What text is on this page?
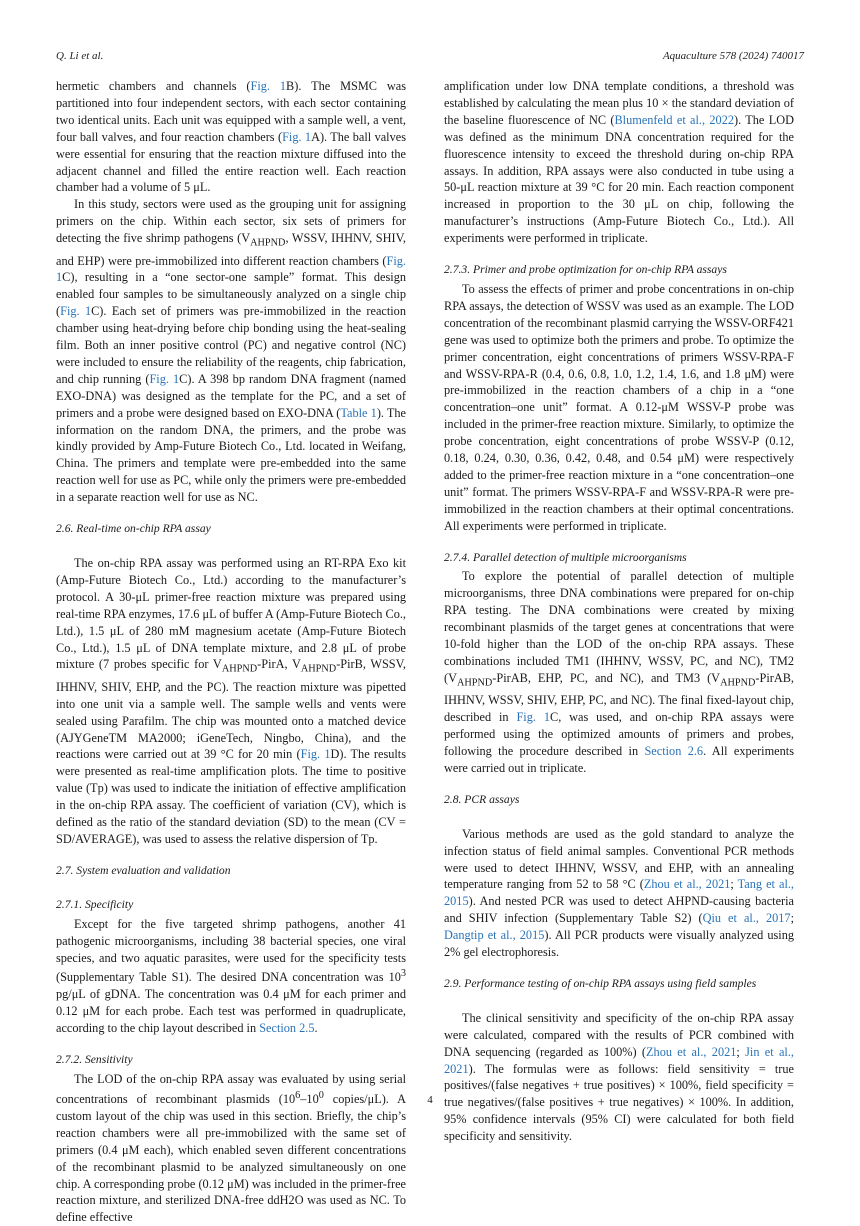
Q. Li et al.	Aquaculture 578 (2024) 740017

hermetic chambers and channels (Fig. 1B). The MSMC was partitioned into four independent sectors, with each sector containing two identical units. Each unit was equipped with a sample well, a vent, four ball valves, and four reaction chambers (Fig. 1A). The ball valves were essential for ensuring that the reaction mixture diffused into the adjacent channel and filled the entire reaction well. Each reaction chamber had a volume of 5 μL.

In this study, sectors were used as the grouping unit for assigning primers on the chip. Within each sector, six sets of primers for detecting the five shrimp pathogens ($V_{AHPND}$, WSSV, IHHNV, SHIV, and EHP) were pre-immobilized into different reaction chambers (Fig. 1C), resulting in a “one sector-one sample” format. This design enabled four samples to be simultaneously analyzed on a single chip (Fig. 1C). Each set of primers was pre-immobilized in the reaction chamber using heat-drying before chip bonding using the heat-sealing film. Both an inner positive control (PC) and negative control (NC) were included to ensure the reliability of the reagents, chip fabrication, and chip running (Fig. 1C). A 398 bp random DNA fragment (named EXO-DNA) was designed as the template for the PC, and a set of primers and a probe were designed based on EXO-DNA (Table 1). The information on the random DNA, the primers, and the probe was kindly provided by Amp-Future Biotech Co., Ltd. located in Weifang, China. The primers and template were pre-embedded into the same reaction well for use as PC, while only the primers were pre-embedded in a separate reaction well for use as NC.

2.6. Real-time on-chip RPA assay

The on-chip RPA assay was performed using an RT-RPA Exo kit (Amp-Future Biotech Co., Ltd.) according to the manufacturer’s protocol. A 30-μL primer-free reaction mixture was prepared using real-time RPA enzymes, 17.6 μL of buffer A (Amp-Future Biotech Co., Ltd.), 1.5 μL of 280 mM magnesium acetate (Amp-Future Biotech Co., Ltd.), 1.5 μL of DNA template mixture, and 2.8 μL of probe mixture (7 probes specific for $V_{AHPND}$-PirA, $V_{AHPND}$-PirB, WSSV, IHHNV, SHIV, EHP, and the PC). The reaction mixture was pipetted into one unit via a sample well. The sample wells and vents were sealed using Parafilm. The chip was mounted onto a matched device (AJYGeneTM MA2000; iGeneTech, Ningbo, China), and the reactions were carried out at 39 °C for 20 min (Fig. 1D). The results were presented as real-time amplification plots. The time to positive value (Tp) was used to indicate the initiation of effective amplification in the on-chip RPA assay. The coefficient of variation (CV), which is defined as the ratio of the standard deviation (SD) to the mean (CV = SD/AVERAGE), was used to assess the relative dispersion of Tp.

2.7. System evaluation and validation
2.7.1. Specificity

Except for the five targeted shrimp pathogens, another 41 pathogenic microorganisms, including 38 bacterial species, one viral species, and two aquatic parasites, were used for the specificity tests (Supplementary Table S1). The desired DNA concentration was $10^3$ pg/μL of gDNA. The concentration was 0.4 μM for each primer and 0.12 μM for each probe. Each test was performed in quadruplicate, according to the chip layout described in Section 2.5.

2.7.2. Sensitivity

The LOD of the on-chip RPA assay was evaluated by using serial concentrations of recombinant plasmids ($10^6-10^0$ copies/μL). A custom layout of the chip was used in this section. Briefly, the chip’s reaction chambers were all pre-immobilized with the same set of primers (0.4 μM each), which enabled seven different concentrations of the recombinant plasmid to be analyzed simultaneously on one chip. A corresponding probe (0.12 μM) was included in the primer-free reaction mixture, and sterilized DNA-free ddH2O was used as NC. To define effective

amplification under low DNA template conditions, a threshold was established by calculating the mean plus 10 × the standard deviation of the baseline fluorescence of NC (Blumenfeld et al., 2022). The LOD was defined as the minimum DNA concentration required for the fluorescence intensity to exceed the threshold during on-chip RPA assays. In addition, RPA assays were also conducted in tube using a 50-μL reaction mixture at 39 °C for 20 min. Each reaction component increased in proportion to the 30 μL on chip, following the manufacturer’s instructions (Amp-Future Biotech Co., Ltd.). All experiments were performed in triplicate.

2.7.3. Primer and probe optimization for on-chip RPA assays

To assess the effects of primer and probe concentrations in on-chip RPA assays, the detection of WSSV was used as an example. The LOD concentration of the recombinant plasmid carrying the WSSV-ORF421 gene was used to optimize both the primers and probe. To optimize the primer concentration, eight concentrations of primers WSSV-RPA-F and WSSV-RPA-R (0.4, 0.6, 0.8, 1.0, 1.2, 1.4, 1.6, and 1.8 μM) were pre-immobilized in the reaction chambers of a chip in a “one concentration–one unit” format. A 0.12-μM WSSV-P probe was included in the primer-free reaction mixture. Similarly, to optimize the probe concentration, eight concentrations of probe WSSV-P (0.12, 0.18, 0.24, 0.30, 0.36, 0.42, 0.48, and 0.54 μM) were respectively added to the primer-free reaction mixture in a “one concentration–one unit” format. The primers WSSV-RPA-F and WSSV-RPA-R were pre-immobilized in the reaction chambers at their optimal concentrations. All experiments were performed in triplicate.

2.7.4. Parallel detection of multiple microorganisms

To explore the potential of parallel detection of multiple microorganisms, three DNA combinations were prepared for on-chip RPA testing. The DNA combinations were created by mixing recombinant plasmids of the target genes at concentrations that were 10-fold higher than the LOD of the on-chip RPA assays. These combinations included TM1 (IHHNV, WSSV, PC, and NC), TM2 ($V_{AHPND}$-PirAB, EHP, PC, and NC), and TM3 ($V_{AHPND}$-PirAB, IHHNV, WSSV, SHIV, EHP, PC, and NC). The final fixed-layout chip, described in Fig. 1C, was used, and on-chip RPA assays were performed using the optimized amounts of primers and probes, following the procedure described in Section 2.6. All experiments were carried out in triplicate.

2.8. PCR assays

Various methods are used as the gold standard to analyze the infection status of field animal samples. Conventional PCR methods were used to detect IHHNV, WSSV, and EHP, with an annealing temperature ranging from 52 to 58 °C (Zhou et al., 2021; Tang et al., 2015). And nested PCR was used to detect AHPND-causing bacteria and SHIV infection (Supplementary Table S2) (Qiu et al., 2017; Dangtip et al., 2015). All PCR products were visually analyzed using 2% gel electrophoresis.

2.9. Performance testing of on-chip RPA assays using field samples

The clinical sensitivity and specificity of the on-chip RPA assay were calculated, compared with the results of PCR combined with DNA sequencing (regarded as 100%) (Zhou et al., 2021; Jin et al., 2021). The formulas were as follows: field sensitivity = true positives/(false negatives + true positives) × 100%, field specificity = true negatives/(false positives + true negatives) × 100%. In addition, 95% confidence intervals (95% CI) were calculated for both field specificity and sensitivity.

4
